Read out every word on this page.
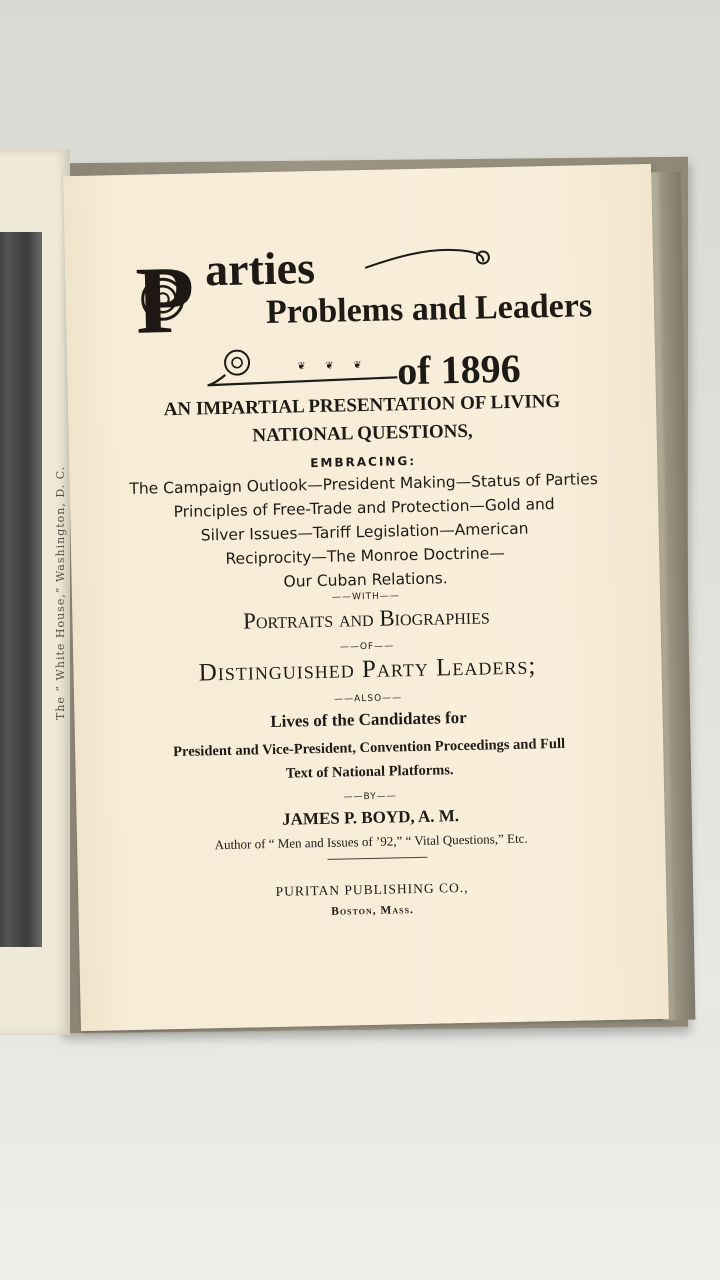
The “ White House,” Washington, D. C.
❦ ❦ ❦
P arties
Problems and Leaders
of 1896
AN IMPARTIAL PRESENTATION OF LIVING
NATIONAL QUESTIONS,
EMBRACING:
The Campaign Outlook—President Making—Status of Parties
Principles of Free-Trade and Protection—Gold and
Silver Issues—Tariff Legislation—American
Reciprocity—The Monroe Doctrine—
Our Cuban Relations.
——WITH——
Portraits and Biographies
——OF——
Distinguished Party Leaders;
——ALSO——
Lives of the Candidates for
President and Vice-President, Convention Proceedings and Full
Text of National Platforms.
——BY——
JAMES P. BOYD, A. M.
Author of “ Men and Issues of ’92,” “ Vital Questions,” Etc.
PURITAN PUBLISHING CO.,
Boston, Mass.
